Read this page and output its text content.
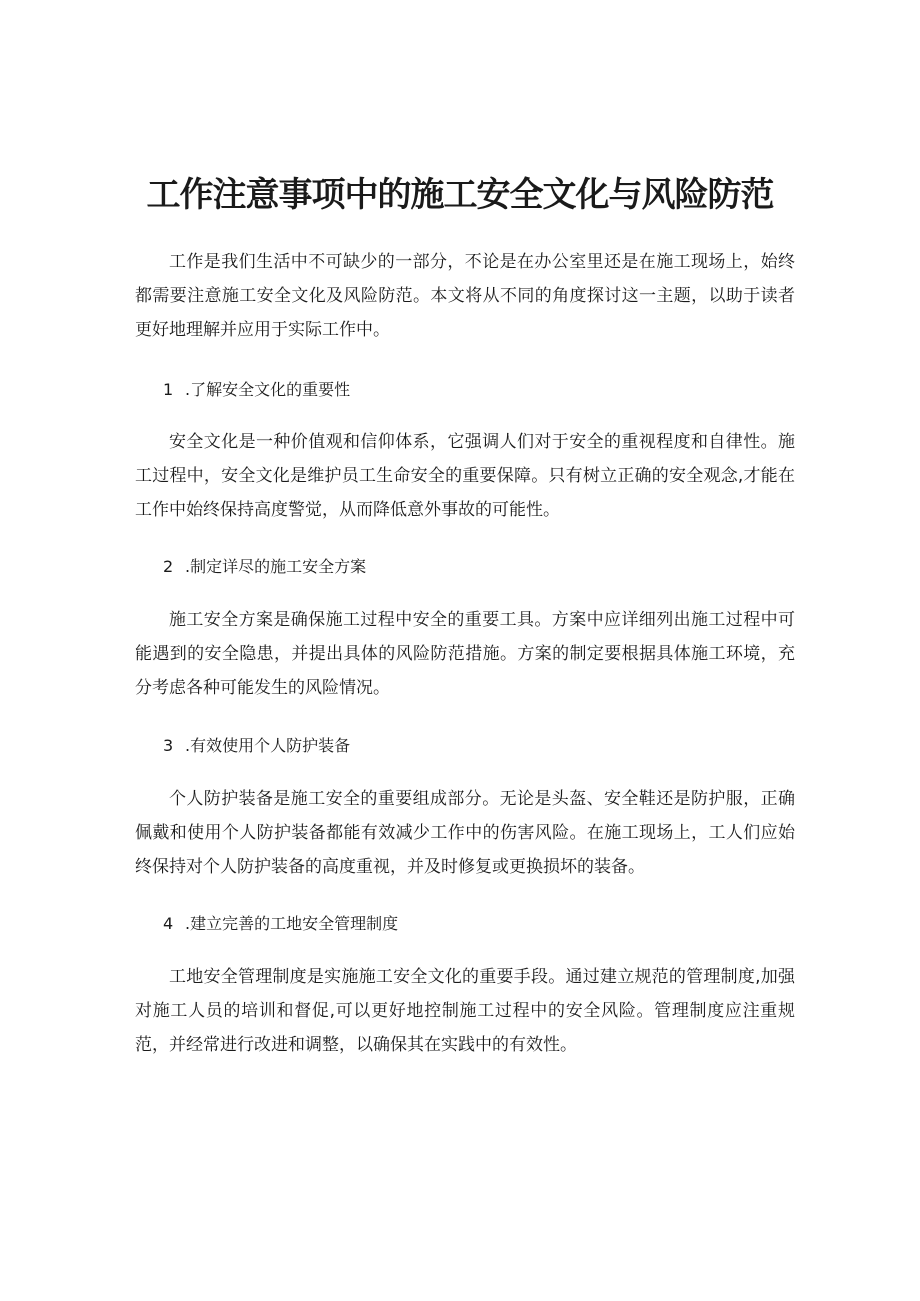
工作注意事项中的施工安全文化与风险防范

工作是我们生活中不可缺少的一部分，不论是在办公室里还是在施工现场上，始终都需要注意施工安全文化及风险防范。本文将从不同的角度探讨这一主题，以助于读者更好地理解并应用于实际工作中。

1 .了解安全文化的重要性

安全文化是一种价值观和信仰体系，它强调人们对于安全的重视程度和自律性。施工过程中，安全文化是维护员工生命安全的重要保障。只有树立正确的安全观念,才能在工作中始终保持高度警觉，从而降低意外事故的可能性。

2 .制定详尽的施工安全方案

施工安全方案是确保施工过程中安全的重要工具。方案中应详细列出施工过程中可能遇到的安全隐患，并提出具体的风险防范措施。方案的制定要根据具体施工环境，充分考虑各种可能发生的风险情况。

3 .有效使用个人防护装备

个人防护装备是施工安全的重要组成部分。无论是头盔、安全鞋还是防护服，正确佩戴和使用个人防护装备都能有效减少工作中的伤害风险。在施工现场上，工人们应始终保持对个人防护装备的高度重视，并及时修复或更换损坏的装备。

4 .建立完善的工地安全管理制度

工地安全管理制度是实施施工安全文化的重要手段。通过建立规范的管理制度,加强对施工人员的培训和督促,可以更好地控制施工过程中的安全风险。管理制度应注重规范，并经常进行改进和调整，以确保其在实践中的有效性。
